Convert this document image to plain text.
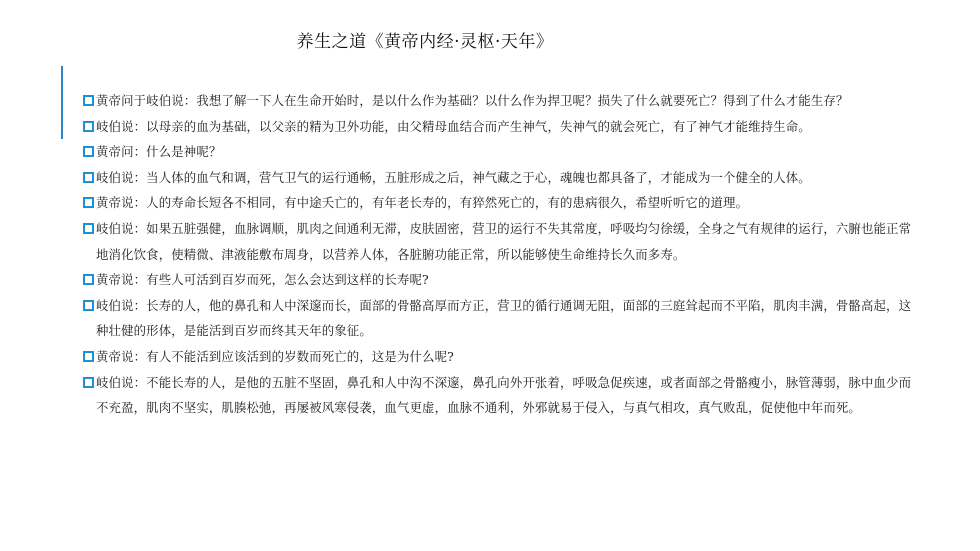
养生之道《黄帝内经·灵枢·天年》
黄帝问于岐伯说：我想了解一下人在生命开始时，是以什么作为基础？以什么作为捍卫呢？损失了什么就要死亡？得到了什么才能生存？
岐伯说：以母亲的血为基础，以父亲的精为卫外功能，由父精母血结合而产生神气，失神气的就会死亡，有了神气才能维持生命。
黄帝问：什么是神呢？
岐伯说：当人体的血气和调，营气卫气的运行通畅，五脏形成之后，神气藏之于心，魂魄也都具备了，才能成为一个健全的人体。
黄帝说：人的寿命长短各不相同，有中途夭亡的，有年老长寿的，有猝然死亡的，有的患病很久，希望听听它的道理。
岐伯说：如果五脏强健，血脉调顺，肌肉之间通利无滞，皮肤固密，营卫的运行不失其常度，呼吸均匀徐缓，全身之气有规律的运行，六腑也能正常地消化饮食，使精微、津液能敷布周身，以营养人体，各脏腑功能正常，所以能够使生命维持长久而多寿。
黄帝说：有些人可活到百岁而死，怎么会达到这样的长寿呢?
岐伯说：长寿的人，他的鼻孔和人中深邃而长，面部的骨骼高厚而方正，营卫的循行通调无阻，面部的三庭耸起而不平陷，肌肉丰满，骨骼高起，这种壮健的形体，是能活到百岁而终其天年的象征。
黄帝说：有人不能活到应该活到的岁数而死亡的，这是为什么呢?
岐伯说：不能长寿的人，是他的五脏不坚固，鼻孔和人中沟不深邃，鼻孔向外开张着，呼吸急促疾速，或者面部之骨骼瘦小，脉管薄弱，脉中血少而不充盈，肌肉不坚实，肌腠松弛，再屡被风寒侵袭，血气更虚，血脉不通利，外邪就易于侵入，与真气相攻，真气败乱，促使他中年而死。
